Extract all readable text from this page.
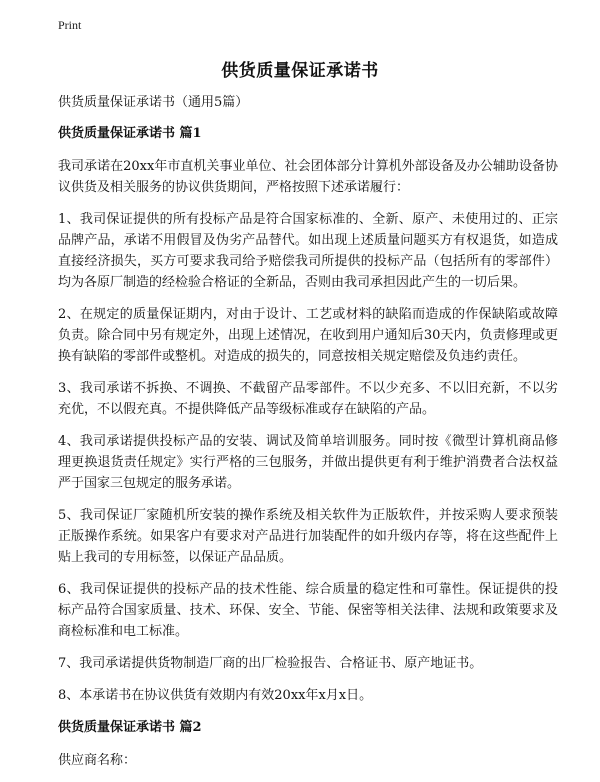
Print
供货质量保证承诺书

供货质量保证承诺书（通用5篇）

供货质量保证承诺书 篇1

我司承诺在20xx年市直机关事业单位、社会团体部分计算机外部设备及办公辅助设备协议供货及相关服务的协议供货期间，严格按照下述承诺履行：

1、我司保证提供的所有投标产品是符合国家标准的、全新、原产、未使用过的、正宗品牌产品，承诺不用假冒及伪劣产品替代。如出现上述质量问题买方有权退货，如造成直接经济损失，买方可要求我司给予赔偿我司所提供的投标产品（包括所有的零部件）均为各原厂制造的经检验合格证的全新品，否则由我司承担因此产生的一切后果。

2、在规定的质量保证期内，对由于设计、工艺或材料的缺陷而造成的作保缺陷或故障负责。除合同中另有规定外，出现上述情况，在收到用户通知后30天内，负责修理或更换有缺陷的零部件或整机。对造成的损失的，同意按相关规定赔偿及负违约责任。

3、我司承诺不拆换、不调换、不截留产品零部件。不以少充多、不以旧充新，不以劣充优，不以假充真。不提供降低产品等级标准或存在缺陷的产品。

4、我司承诺提供投标产品的安装、调试及简单培训服务。同时按《微型计算机商品修理更换退货责任规定》实行严格的三包服务，并做出提供更有利于维护消费者合法权益严于国家三包规定的服务承诺。

5、我司保证厂家随机所安装的操作系统及相关软件为正版软件，并按采购人要求预装正版操作系统。如果客户有要求对产品进行加装配件的如升级内存等，将在这些配件上贴上我司的专用标签，以保证产品品质。

6、我司保证提供的投标产品的技术性能、综合质量的稳定性和可靠性。保证提供的投标产品符合国家质量、技术、环保、安全、节能、保密等相关法律、法规和政策要求及商检标准和电工标准。

7、我司承诺提供货物制造厂商的出厂检验报告、合格证书、原产地证书。

8、本承诺书在协议供货有效期内有效20xx年x月x日。

供货质量保证承诺书 篇2

供应商名称：
